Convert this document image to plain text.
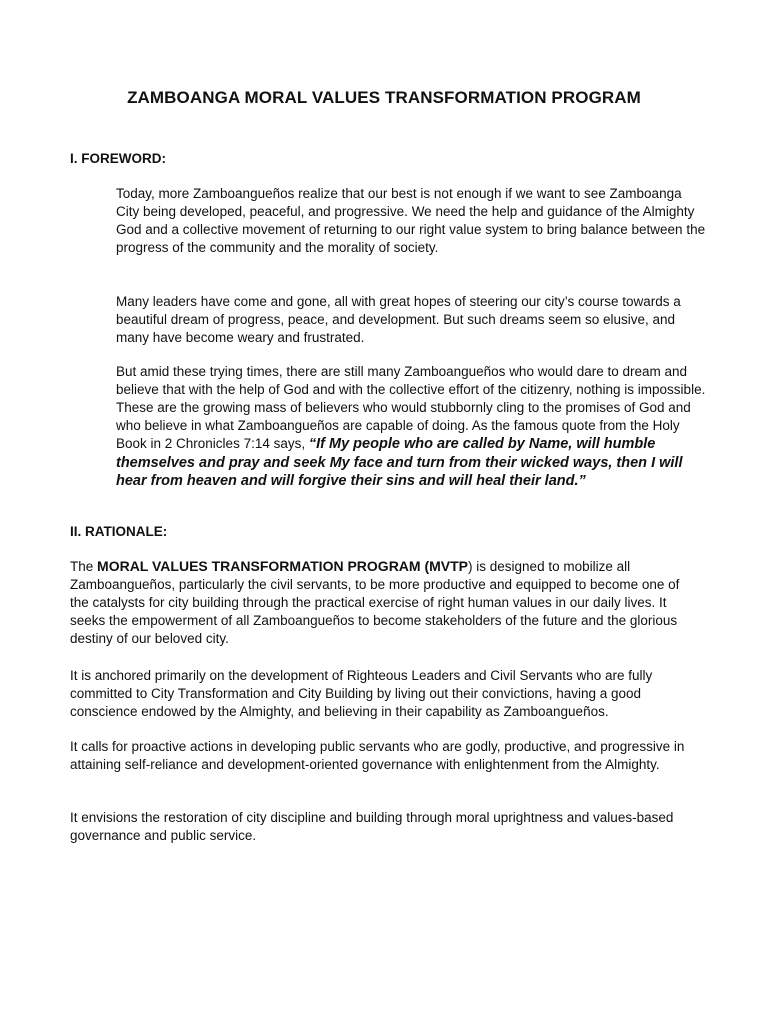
ZAMBOANGA MORAL VALUES TRANSFORMATION PROGRAM
I. FOREWORD:

Today, more Zamboangueños realize that our best is not enough if we want to see Zamboanga City being developed, peaceful, and progressive. We need the help and guidance of the Almighty God and a collective movement of returning to our right value system to bring balance between the progress of the community and the morality of society.

Many leaders have come and gone, all with great hopes of steering our city’s course towards a beautiful dream of progress, peace, and development. But such dreams seem so elusive, and many have become weary and frustrated.

But amid these trying times, there are still many Zamboangueños who would dare to dream and believe that with the help of God and with the collective effort of the citizenry, nothing is impossible. These are the growing mass of believers who would stubbornly cling to the promises of God and who believe in what Zamboangueños are capable of doing. As the famous quote from the Holy Book in 2 Chronicles 7:14 says, “If My people who are called by Name, will humble themselves and pray and seek My face and turn from their wicked ways, then I will hear from heaven and will forgive their sins and will heal their land.”

II. RATIONALE:

The MORAL VALUES TRANSFORMATION PROGRAM (MVTP) is designed to mobilize all Zamboangueños, particularly the civil servants, to be more productive and equipped to become one of the catalysts for city building through the practical exercise of right human values in our daily lives. It seeks the empowerment of all Zamboangueños to become stakeholders of the future and the glorious destiny of our beloved city.

It is anchored primarily on the development of Righteous Leaders and Civil Servants who are fully committed to City Transformation and City Building by living out their convictions, having a good conscience endowed by the Almighty, and believing in their capability as Zamboangueños.

It calls for proactive actions in developing public servants who are godly, productive, and progressive in attaining self-reliance and development-oriented governance with enlightenment from the Almighty.

It envisions the restoration of city discipline and building through moral uprightness and values-based governance and public service.
